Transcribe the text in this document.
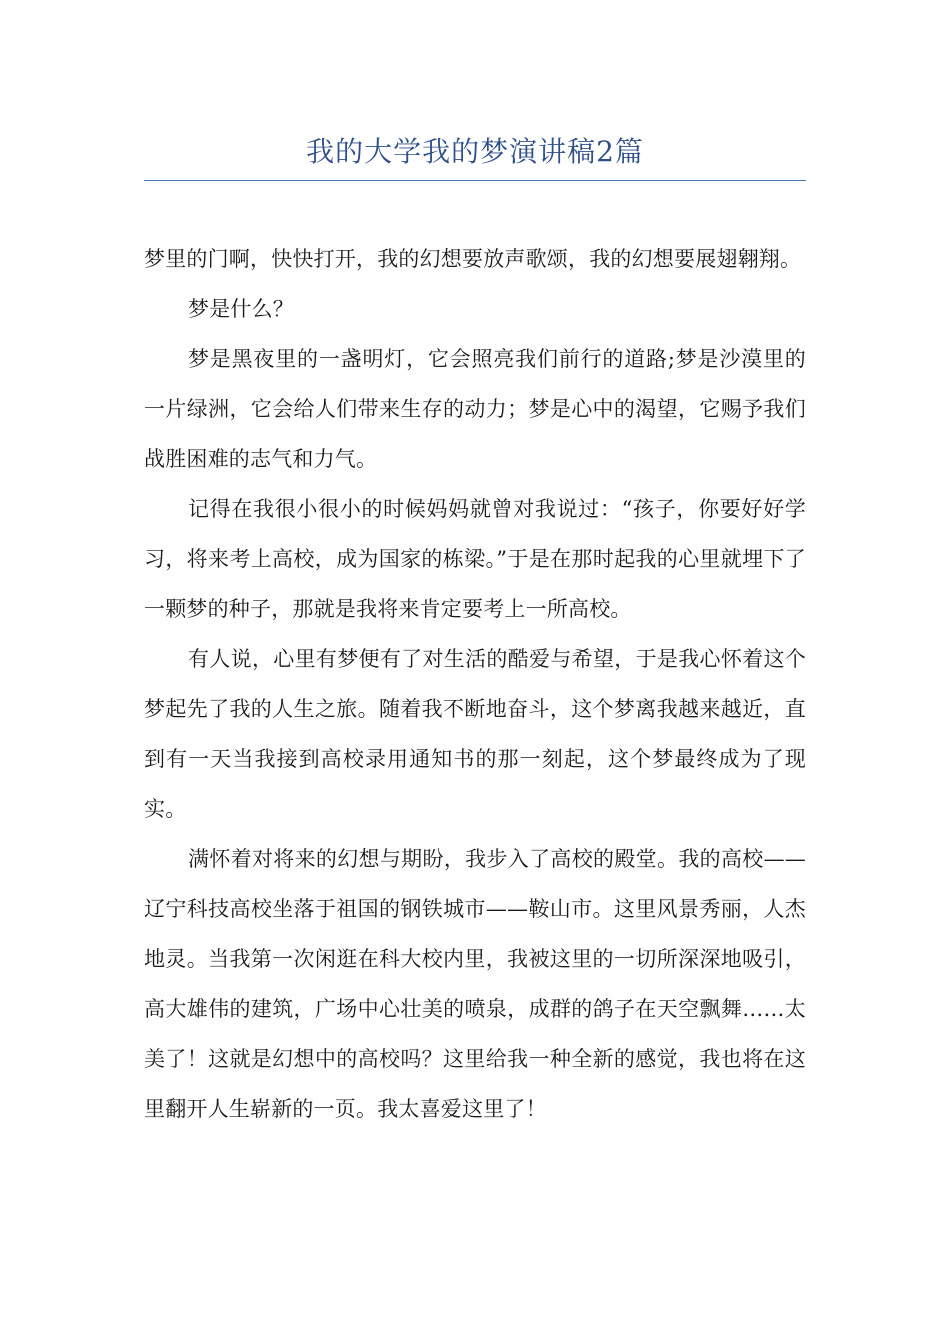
我的大学我的梦演讲稿2篇

梦里的门啊，快快打开，我的幻想要放声歌颂，我的幻想要展翅翱翔。

梦是什么？

梦是黑夜里的一盏明灯，它会照亮我们前行的道路;梦是沙漠里的一片绿洲，它会给人们带来生存的动力；梦是心中的渴望，它赐予我们战胜困难的志气和力气。

记得在我很小很小的时候妈妈就曾对我说过：“孩子，你要好好学习，将来考上高校，成为国家的栋梁。”于是在那时起我的心里就埋下了一颗梦的种子，那就是我将来肯定要考上一所高校。

有人说，心里有梦便有了对生活的酷爱与希望，于是我心怀着这个梦起先了我的人生之旅。随着我不断地奋斗，这个梦离我越来越近，直到有一天当我接到高校录用通知书的那一刻起，这个梦最终成为了现实。

满怀着对将来的幻想与期盼，我步入了高校的殿堂。我的高校——辽宁科技高校坐落于祖国的钢铁城市——鞍山市。这里风景秀丽，人杰地灵。当我第一次闲逛在科大校内里，我被这里的一切所深深地吸引，高大雄伟的建筑，广场中心壮美的喷泉，成群的鸽子在天空飘舞……太美了！这就是幻想中的高校吗？这里给我一种全新的感觉，我也将在这里翻开人生崭新的一页。我太喜爱这里了！
